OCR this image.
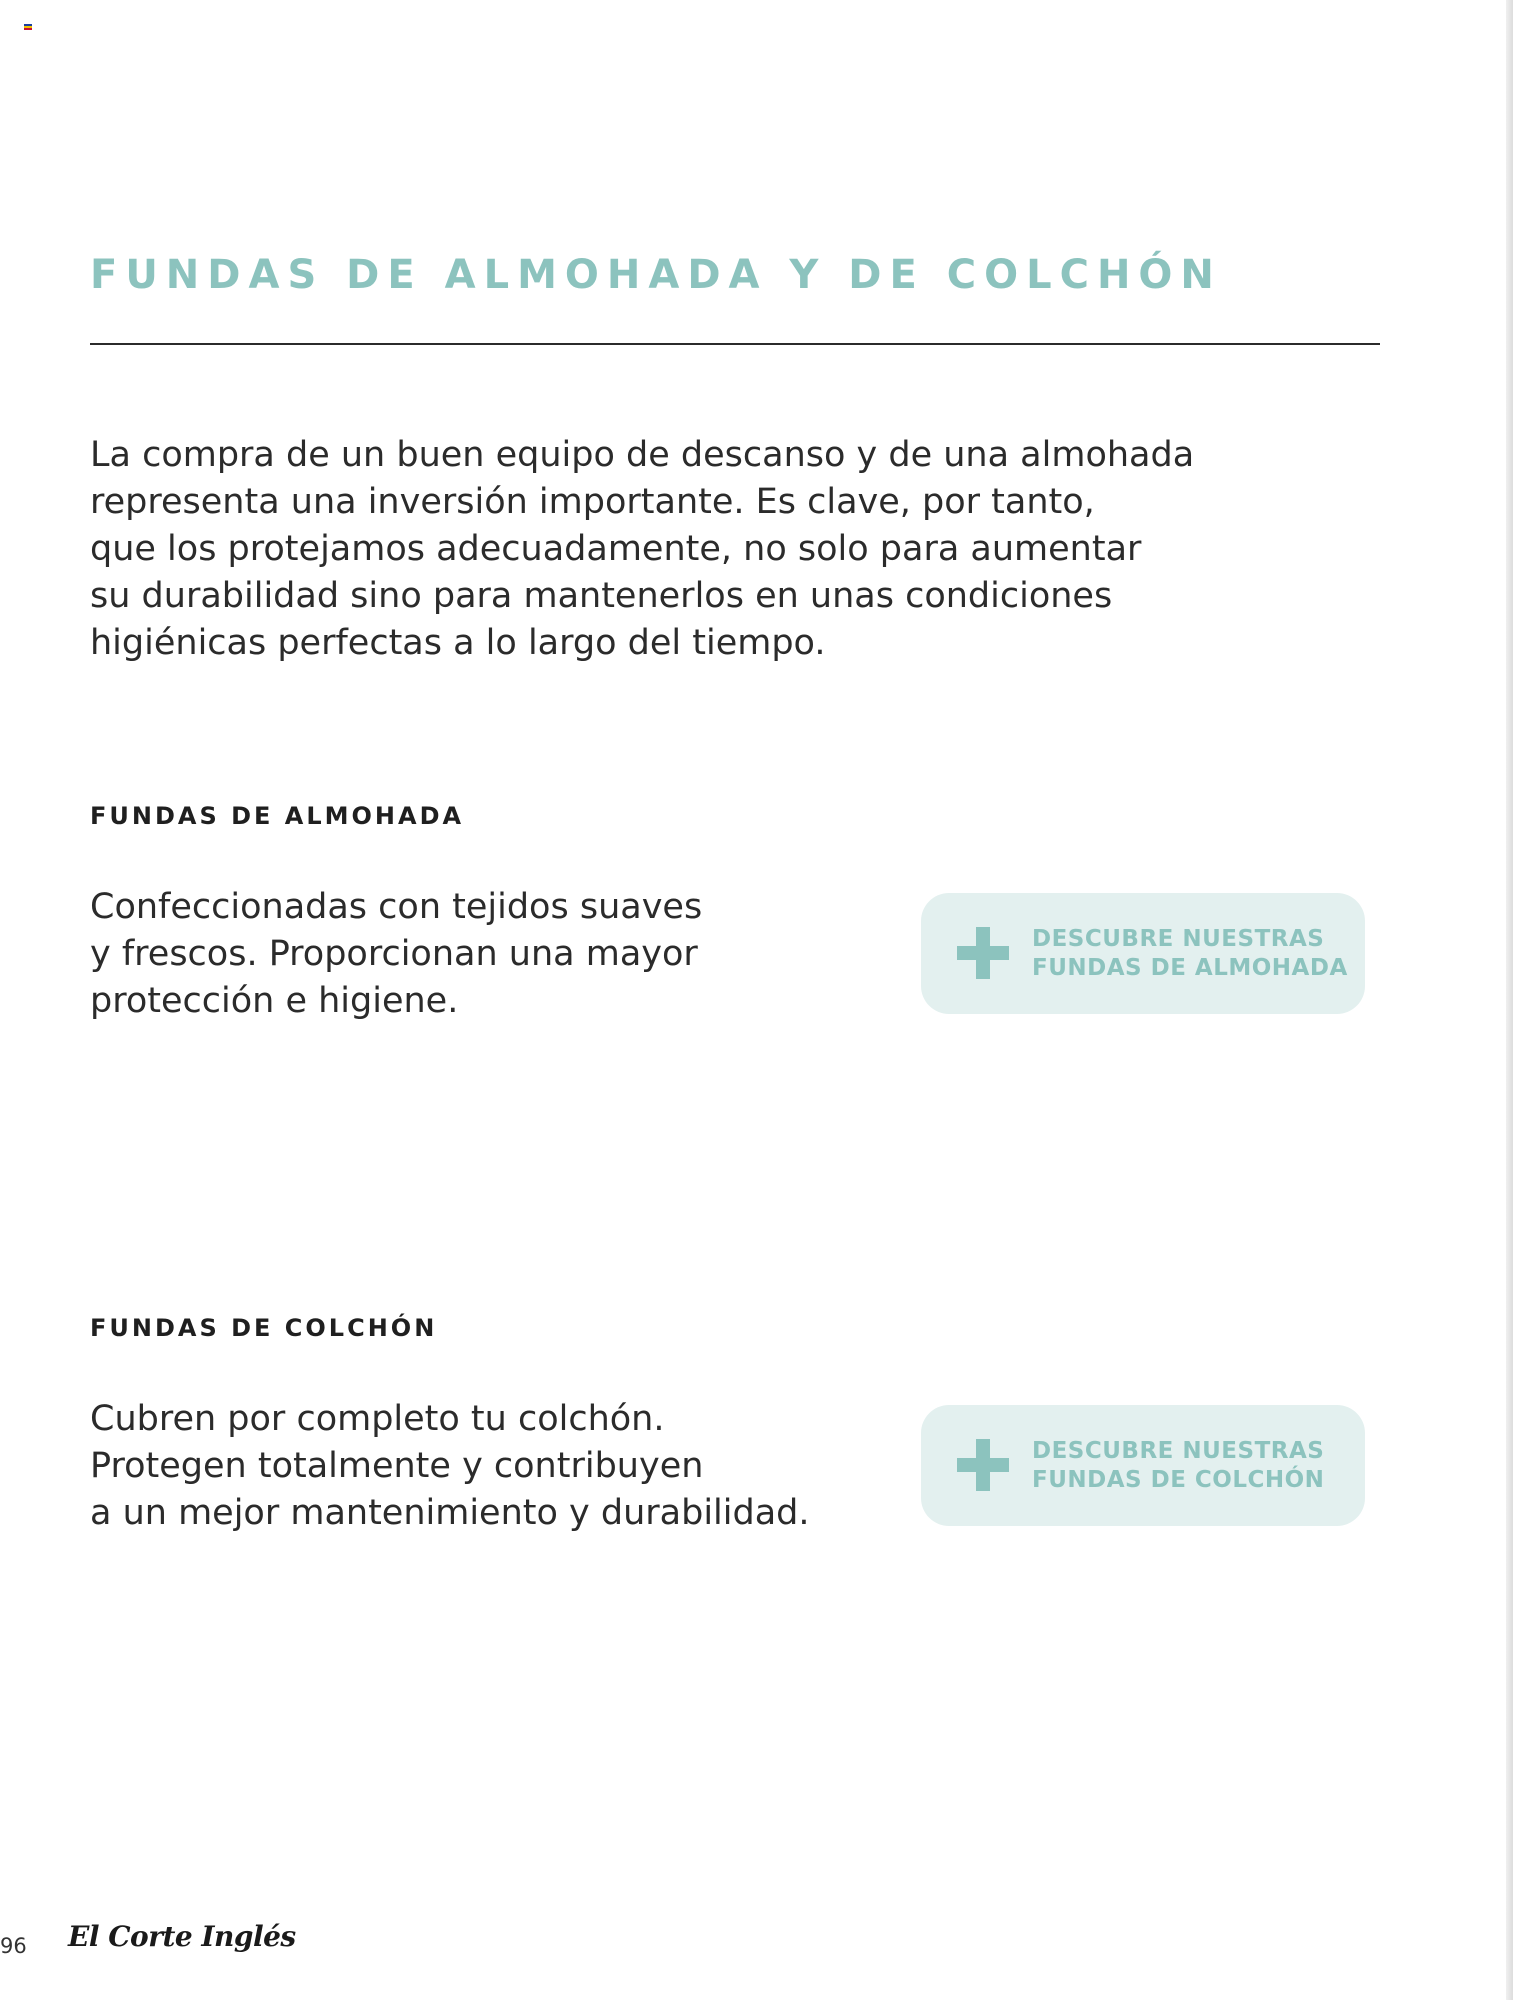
FUNDAS DE ALMOHADA Y DE COLCHÓN

La compra de un buen equipo de descanso y de una almohada
representa una inversión importante. Es clave, por tanto,
que los protejamos adecuadamente, no solo para aumentar
su durabilidad sino para mantenerlos en unas condiciones
higiénicas perfectas a lo largo del tiempo.

FUNDAS DE ALMOHADA

Confeccionadas con tejidos suaves
y frescos. Proporcionan una mayor
protección e higiene.

DESCUBRE NUESTRAS
FUNDAS DE ALMOHADA
FUNDAS DE COLCHÓN

Cubren por completo tu colchón.
Protegen totalmente y contribuyen
a un mejor mantenimiento y durabilidad.

DESCUBRE NUESTRAS
FUNDAS DE COLCHÓN
96 El Corte Inglés
